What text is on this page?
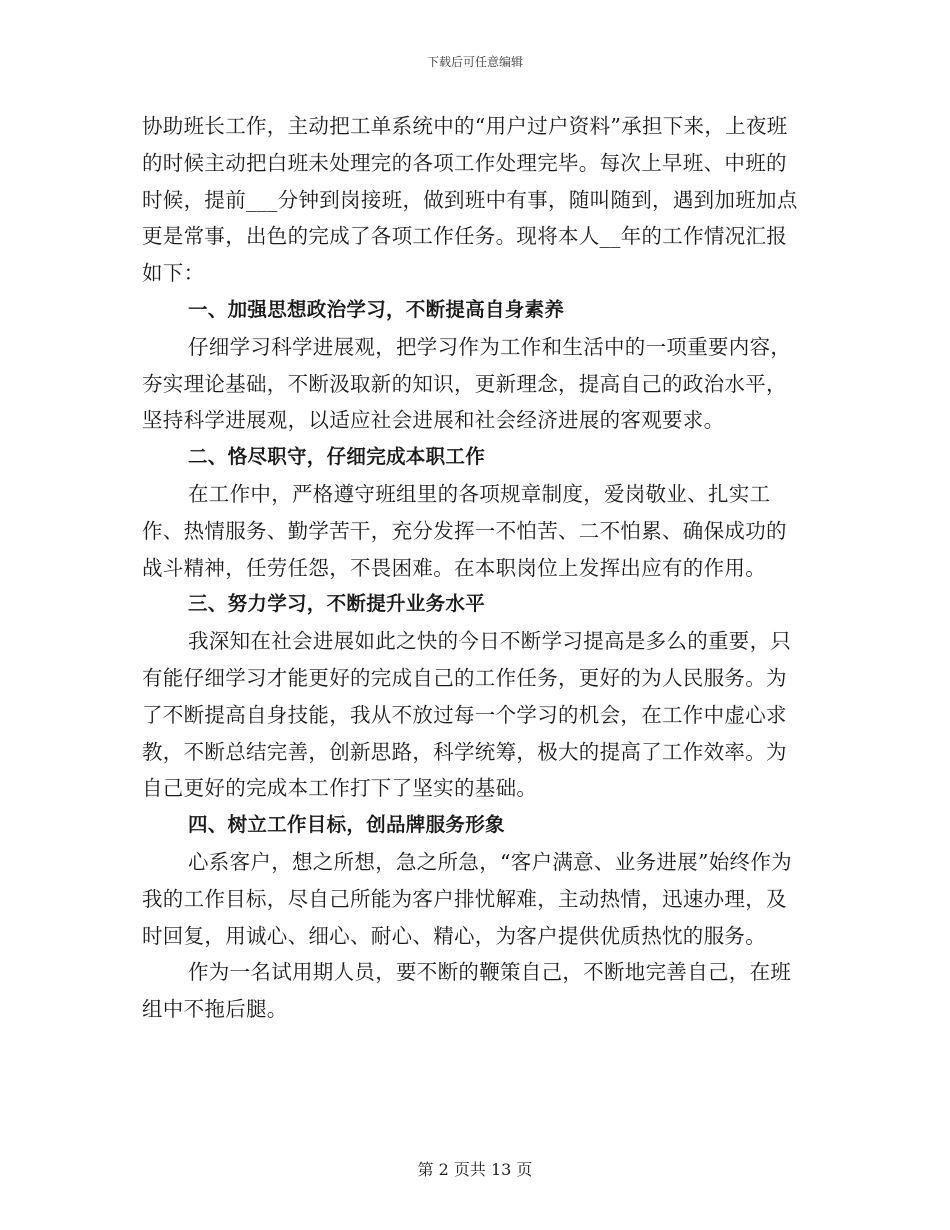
下载后可任意编辑

协助班长工作，主动把工单系统中的“用户过户资料”承担下来，上夜班的时候主动把白班未处理完的各项工作处理完毕。每次上早班、中班的时候，提前___分钟到岗接班，做到班中有事，随叫随到，遇到加班加点更是常事，出色的完成了各项工作任务。现将本人__年的工作情况汇报如下：

一、加强思想政治学习，不断提高自身素养

仔细学习科学进展观，把学习作为工作和生活中的一项重要内容，夯实理论基础，不断汲取新的知识，更新理念，提高自己的政治水平，坚持科学进展观，以适应社会进展和社会经济进展的客观要求。

二、恪尽职守，仔细完成本职工作

在工作中，严格遵守班组里的各项规章制度，爱岗敬业、扎实工作、热情服务、勤学苦干，充分发挥一不怕苦、二不怕累、确保成功的战斗精神，任劳任怨，不畏困难。在本职岗位上发挥出应有的作用。

三、努力学习，不断提升业务水平

我深知在社会进展如此之快的今日不断学习提高是多么的重要，只有能仔细学习才能更好的完成自己的工作任务，更好的为人民服务。为了不断提高自身技能，我从不放过每一个学习的机会，在工作中虚心求教，不断总结完善，创新思路，科学统筹，极大的提高了工作效率。为自己更好的完成本工作打下了坚实的基础。

四、树立工作目标，创品牌服务形象

心系客户，想之所想，急之所急，“客户满意、业务进展”始终作为我的工作目标，尽自己所能为客户排忧解难，主动热情，迅速办理，及时回复，用诚心、细心、耐心、精心，为客户提供优质热忱的服务。

作为一名试用期人员，要不断的鞭策自己，不断地完善自己，在班组中不拖后腿。

第 2 页共 13 页
